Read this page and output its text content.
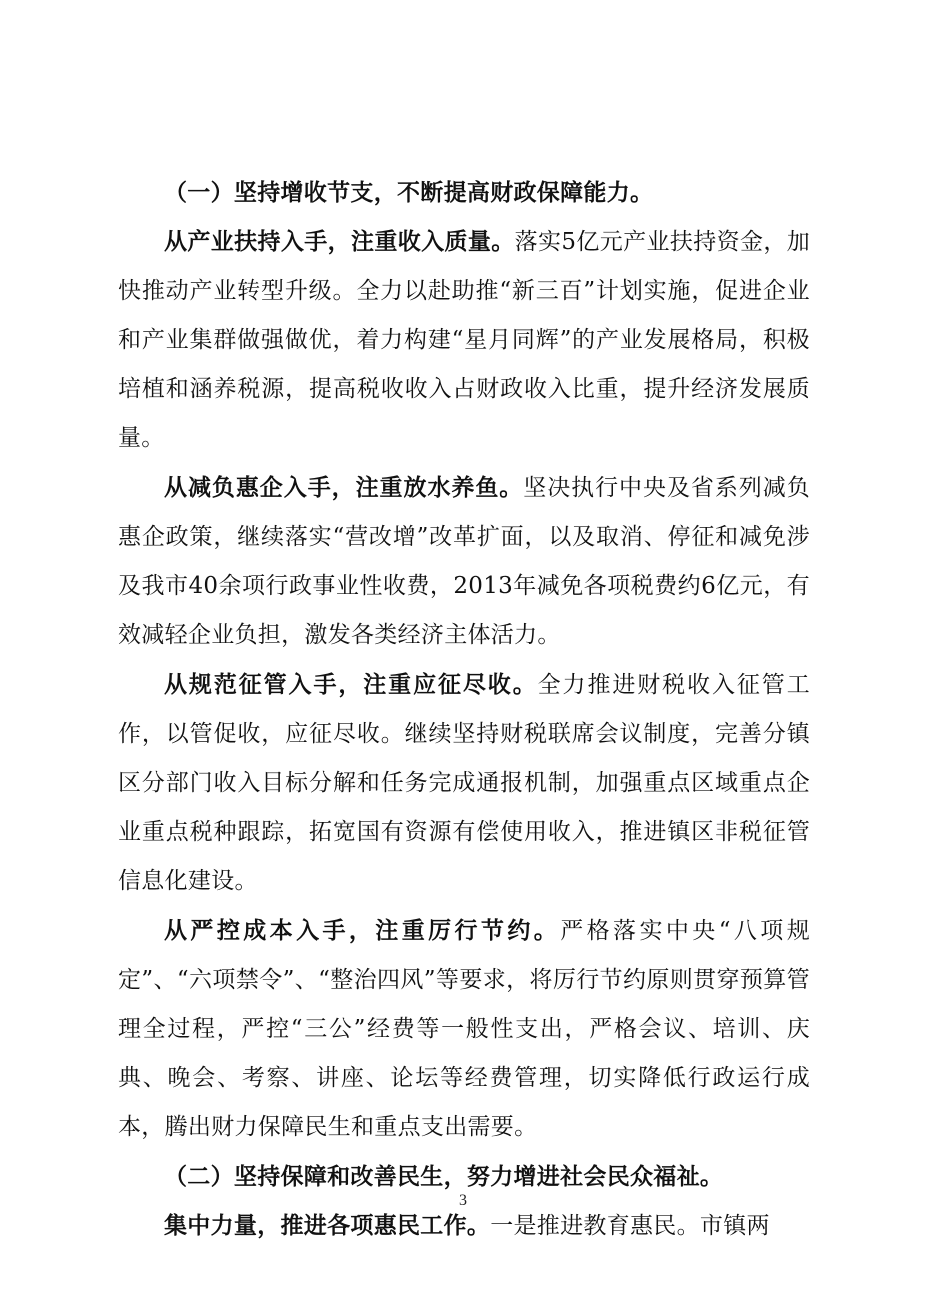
（一）坚持增收节支，不断提高财政保障能力。

从产业扶持入手，注重收入质量。落实5亿元产业扶持资金，加快推动产业转型升级。全力以赴助推“新三百”计划实施，促进企业和产业集群做强做优，着力构建“星月同辉”的产业发展格局，积极培植和涵养税源，提高税收收入占财政收入比重，提升经济发展质量。

从减负惠企入手，注重放水养鱼。坚决执行中央及省系列减负惠企政策，继续落实“营改增”改革扩面，以及取消、停征和减免涉及我市40余项行政事业性收费，2013年减免各项税费约6亿元，有效减轻企业负担，激发各类经济主体活力。

从规范征管入手，注重应征尽收。全力推进财税收入征管工作，以管促收，应征尽收。继续坚持财税联席会议制度，完善分镇区分部门收入目标分解和任务完成通报机制，加强重点区域重点企业重点税种跟踪，拓宽国有资源有偿使用收入，推进镇区非税征管信息化建设。

从严控成本入手，注重厉行节约。严格落实中央“八项规定”、“六项禁令”、“整治四风”等要求，将厉行节约原则贯穿预算管理全过程，严控“三公”经费等一般性支出，严格会议、培训、庆典、晚会、考察、讲座、论坛等经费管理，切实降低行政运行成本，腾出财力保障民生和重点支出需要。

（二）坚持保障和改善民生，努力增进社会民众福祉。

集中力量，推进各项惠民工作。一是推进教育惠民。市镇两

3
